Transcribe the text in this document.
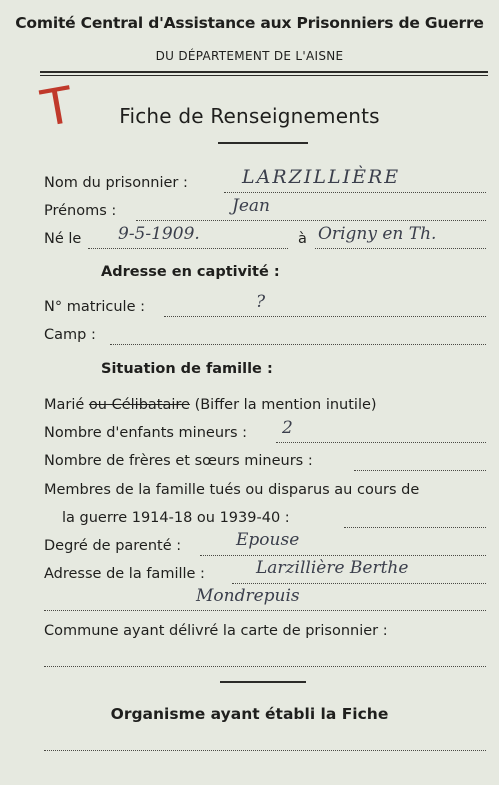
Comité Central d'Assistance aux Prisonniers de Guerre
DU DÉPARTEMENT DE L'AISNE
T	Fiche de Renseignements
Nom du prisonnier :	LARZILLIÈRE
Prénoms :	Jean
Né le 9-5-1909.	à Origny en Th.
Adresse en captivité :
N° matricule :	?
Camp :
Situation de famille :
Marié ou Célibataire (Biffer la mention inutile)
Nombre d'enfants mineurs : 2
Nombre de frères et sœurs mineurs :
Membres de la famille tués ou disparus au cours de
la guerre 1914-18 ou 1939-40 :
Degré de parenté :	Epouse
Adresse de la famille :	Larzillière Berthe
Mondrepuis
Commune ayant délivré la carte de prisonnier :
Organisme ayant établi la Fiche
